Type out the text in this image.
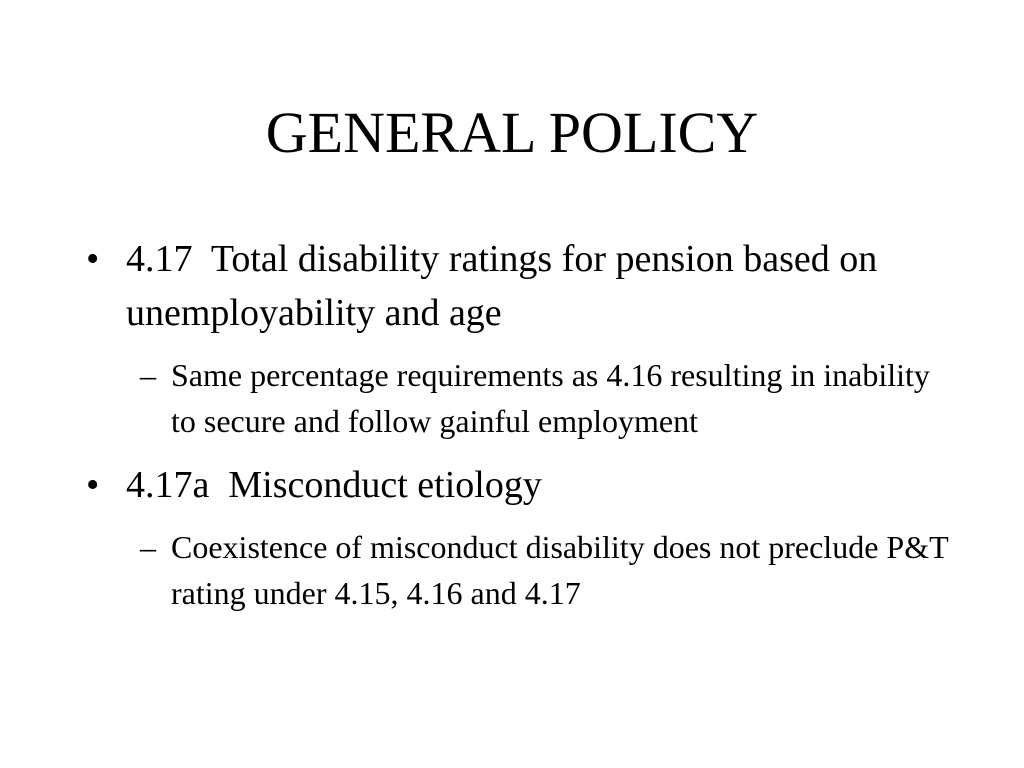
GENERAL POLICY
• 4.17  Total disability ratings for pension based on unemployability and age
– Same percentage requirements as 4.16 resulting in inability to secure and follow gainful employment
• 4.17a  Misconduct etiology
– Coexistence of misconduct disability does not preclude P&T rating under 4.15, 4.16 and 4.17
